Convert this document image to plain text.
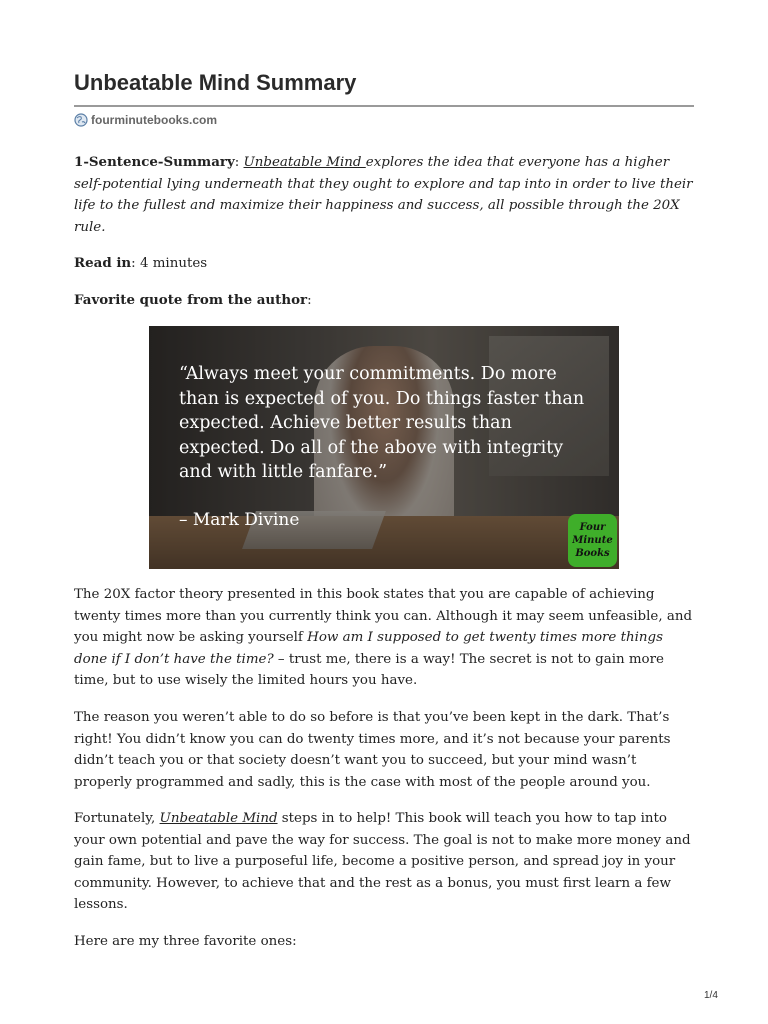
Unbeatable Mind Summary
fourminutebooks.com

1-Sentence-Summary: Unbeatable Mind explores the idea that everyone has a higher self-potential lying underneath that they ought to explore and tap into in order to live their life to the fullest and maximize their happiness and success, all possible through the 20X rule.

Read in: 4 minutes

Favorite quote from the author:

“Always meet your commitments. Do more than is expected of you. Do things faster than expected. Achieve better results than expected. Do all of the above with integrity and with little fanfare.”
– Mark Divine	Four
Minute
Books

The 20X factor theory presented in this book states that you are capable of achieving twenty times more than you currently think you can. Although it may seem unfeasible, and you might now be asking yourself How am I supposed to get twenty times more things done if I don’t have the time? – trust me, there is a way! The secret is not to gain more time, but to use wisely the limited hours you have.

The reason you weren’t able to do so before is that you’ve been kept in the dark. That’s right! You didn’t know you can do twenty times more, and it’s not because your parents didn’t teach you or that society doesn’t want you to succeed, but your mind wasn’t properly programmed and sadly, this is the case with most of the people around you.

Fortunately, Unbeatable Mind steps in to help! This book will teach you how to tap into your own potential and pave the way for success. The goal is not to make more money and gain fame, but to live a purposeful life, become a positive person, and spread joy in your community. However, to achieve that and the rest as a bonus, you must first learn a few lessons.

Here are my three favorite ones:

1/4
